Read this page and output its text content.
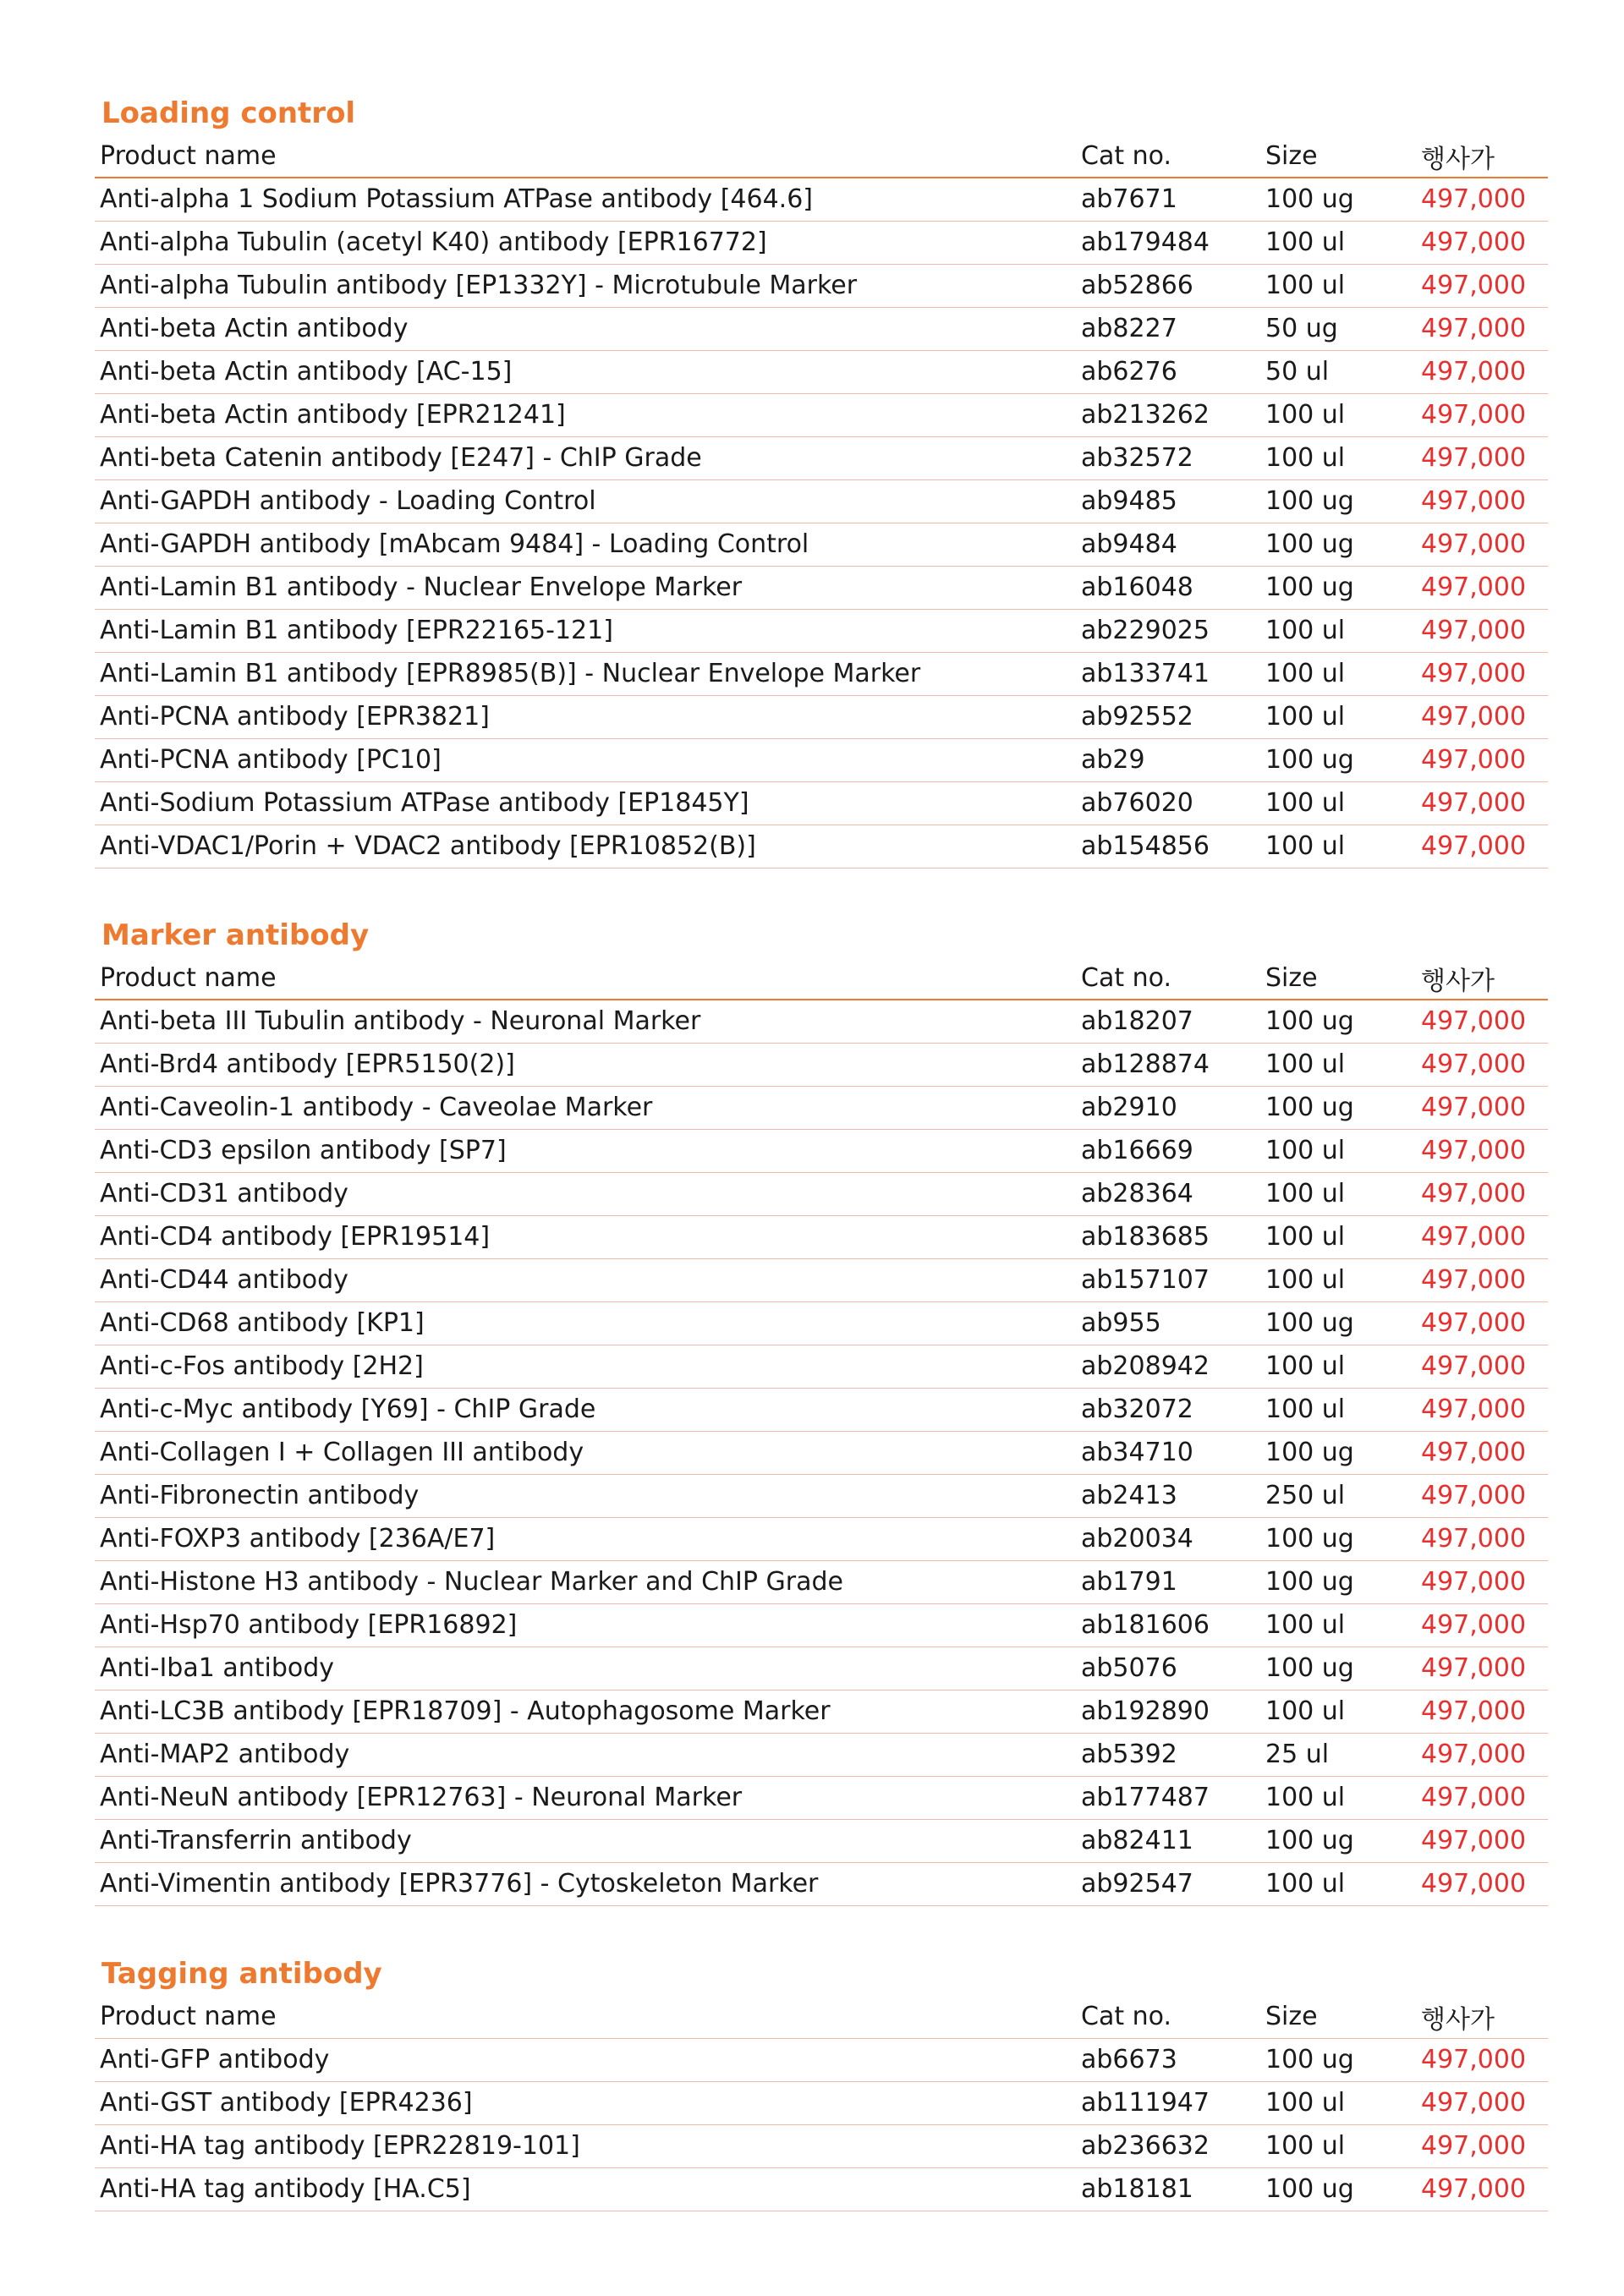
Loading control
Product name	Cat no.	Size	행사가
Anti-alpha 1 Sodium Potassium ATPase antibody [464.6]	ab7671	100 ug	497,000
Anti-alpha Tubulin (acetyl K40) antibody [EPR16772]	ab179484	100 ul	497,000
Anti-alpha Tubulin antibody [EP1332Y] - Microtubule Marker	ab52866	100 ul	497,000
Anti-beta Actin antibody	ab8227	50 ug	497,000
Anti-beta Actin antibody [AC-15]	ab6276	50 ul	497,000
Anti-beta Actin antibody [EPR21241]	ab213262	100 ul	497,000
Anti-beta Catenin antibody [E247] - ChIP Grade	ab32572	100 ul	497,000
Anti-GAPDH antibody - Loading Control	ab9485	100 ug	497,000
Anti-GAPDH antibody [mAbcam 9484] - Loading Control	ab9484	100 ug	497,000
Anti-Lamin B1 antibody - Nuclear Envelope Marker	ab16048	100 ug	497,000
Anti-Lamin B1 antibody [EPR22165-121]	ab229025	100 ul	497,000
Anti-Lamin B1 antibody [EPR8985(B)] - Nuclear Envelope Marker	ab133741	100 ul	497,000
Anti-PCNA antibody [EPR3821]	ab92552	100 ul	497,000
Anti-PCNA antibody [PC10]	ab29	100 ug	497,000
Anti-Sodium Potassium ATPase antibody [EP1845Y]	ab76020	100 ul	497,000
Anti-VDAC1/Porin + VDAC2 antibody [EPR10852(B)]	ab154856	100 ul	497,000
Marker antibody
Product name	Cat no.	Size	행사가
Anti-beta III Tubulin antibody - Neuronal Marker	ab18207	100 ug	497,000
Anti-Brd4 antibody [EPR5150(2)]	ab128874	100 ul	497,000
Anti-Caveolin-1 antibody - Caveolae Marker	ab2910	100 ug	497,000
Anti-CD3 epsilon antibody [SP7]	ab16669	100 ul	497,000
Anti-CD31 antibody	ab28364	100 ul	497,000
Anti-CD4 antibody [EPR19514]	ab183685	100 ul	497,000
Anti-CD44 antibody	ab157107	100 ul	497,000
Anti-CD68 antibody [KP1]	ab955	100 ug	497,000
Anti-c-Fos antibody [2H2]	ab208942	100 ul	497,000
Anti-c-Myc antibody [Y69] - ChIP Grade	ab32072	100 ul	497,000
Anti-Collagen I + Collagen III antibody	ab34710	100 ug	497,000
Anti-Fibronectin antibody	ab2413	250 ul	497,000
Anti-FOXP3 antibody [236A/E7]	ab20034	100 ug	497,000
Anti-Histone H3 antibody - Nuclear Marker and ChIP Grade	ab1791	100 ug	497,000
Anti-Hsp70 antibody [EPR16892]	ab181606	100 ul	497,000
Anti-Iba1 antibody	ab5076	100 ug	497,000
Anti-LC3B antibody [EPR18709] - Autophagosome Marker	ab192890	100 ul	497,000
Anti-MAP2 antibody	ab5392	25 ul	497,000
Anti-NeuN antibody [EPR12763] - Neuronal Marker	ab177487	100 ul	497,000
Anti-Transferrin antibody	ab82411	100 ug	497,000
Anti-Vimentin antibody [EPR3776] - Cytoskeleton Marker	ab92547	100 ul	497,000
Tagging antibody
Product name	Cat no.	Size	행사가
Anti-GFP antibody	ab6673	100 ug	497,000
Anti-GST antibody [EPR4236]	ab111947	100 ul	497,000
Anti-HA tag antibody [EPR22819-101]	ab236632	100 ul	497,000
Anti-HA tag antibody [HA.C5]	ab18181	100 ug	497,000
